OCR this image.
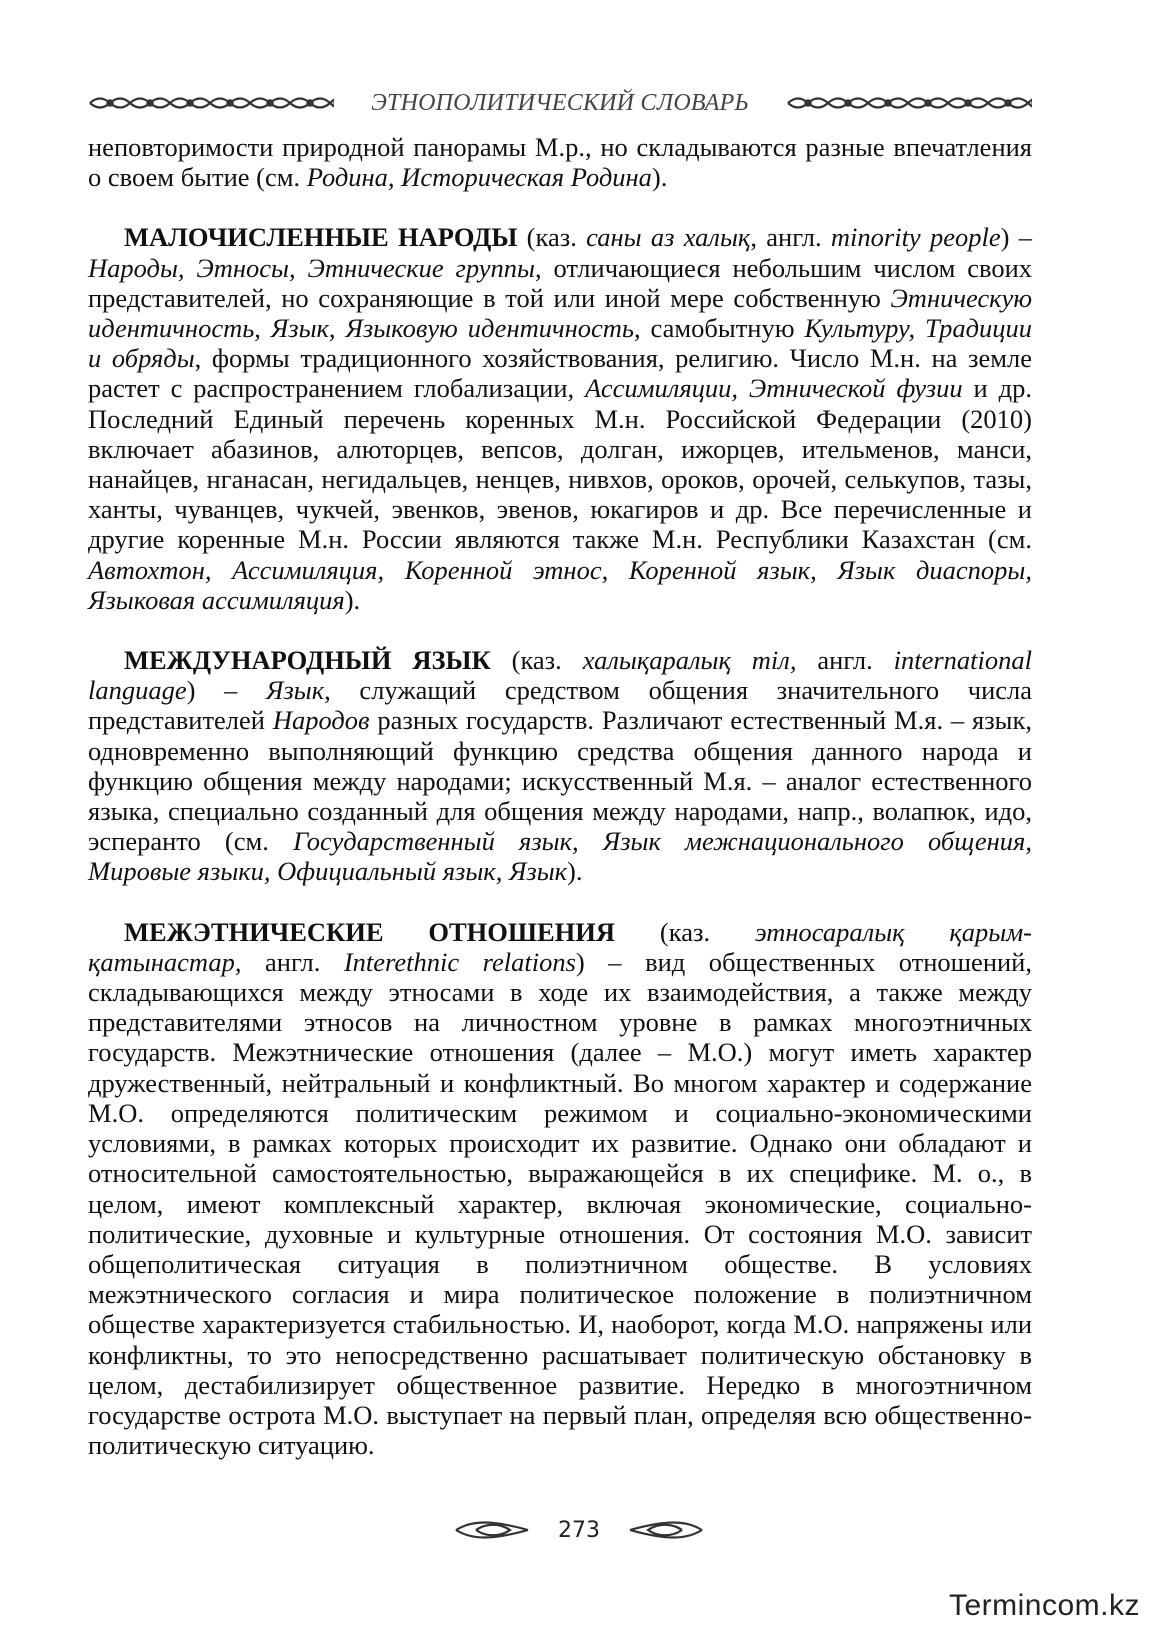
ЭТНОПОЛИТИЧЕСКИЙ СЛОВАРЬ

неповторимости природной панорамы М.р., но складываются разные впечатления о своем бытие (см. Родина, Историческая Родина).

МАЛОЧИСЛЕННЫЕ НАРОДЫ (каз. саны аз халық, англ. minority people) – Народы, Этносы, Этнические группы, отличающиеся небольшим числом своих представителей, но сохраняющие в той или иной мере собственную Этническую идентичность, Язык, Языковую идентичность, самобытную Культуру, Традиции и обряды, формы традиционного хозяйствования, религию. Число М.н. на земле растет с распространением глобализации, Ассимиляции, Этнической фузии и др. Последний Единый перечень коренных М.н. Российской Федерации (2010) включает абазинов, алюторцев, вепсов, долган, ижорцев, ительменов, манси, нанайцев, нганасан, негидальцев, ненцев, нивхов, ороков, орочей, селькупов, тазы, ханты, чуванцев, чукчей, эвенков, эвенов, юкагиров и др. Все перечисленные и другие коренные М.н. России являются также М.н. Республики Казахстан (см. Автохтон, Ассимиляция, Коренной этнос, Коренной язык, Язык диаспоры, Языковая ассимиляция).

МЕЖДУНАРОДНЫЙ ЯЗЫК (каз. халықаралық тіл, англ. international language) – Язык, служащий средством общения значительного числа представителей Народов разных государств. Различают естественный М.я. – язык, одновременно выполняющий функцию средства общения данного народа и функцию общения между народами; искусственный М.я. – аналог естественного языка, специально созданный для общения между народами, напр., волапюк, идо, эсперанто (см. Государственный язык, Язык межнационального общения, Мировые языки, Официальный язык, Язык).

МЕЖЭТНИЧЕСКИЕ ОТНОШЕНИЯ (каз. этносаралық қарым-қатынастар, англ. Interethnic relations) – вид общественных отношений, складывающихся между этносами в ходе их взаимодействия, а также между представителями этносов на личностном уровне в рамках многоэтничных государств. Межэтнические отношения (далее – М.О.) могут иметь характер дружественный, нейтральный и конфликтный. Во многом характер и содержание М.О. определяются политическим режимом и социально-экономическими условиями, в рамках которых происходит их развитие. Однако они обладают и относительной самостоятельностью, выражающейся в их специфике. М. о., в целом, имеют комплексный характер, включая экономические, социально-политические, духовные и культурные отношения. От состояния М.О. зависит общеполитическая ситуация в полиэтничном обществе. В условиях межэтнического согласия и мира политическое положение в полиэтничном обществе характеризуется стабильностью. И, наоборот, когда М.О. напряжены или конфликтны, то это непосредственно расшатывает политическую обстановку в целом, дестабилизирует общественное развитие. Нередко в многоэтничном государстве острота М.О. выступает на первый план, определяя всю общественно-политическую ситуацию.

273
Termincom.kz
